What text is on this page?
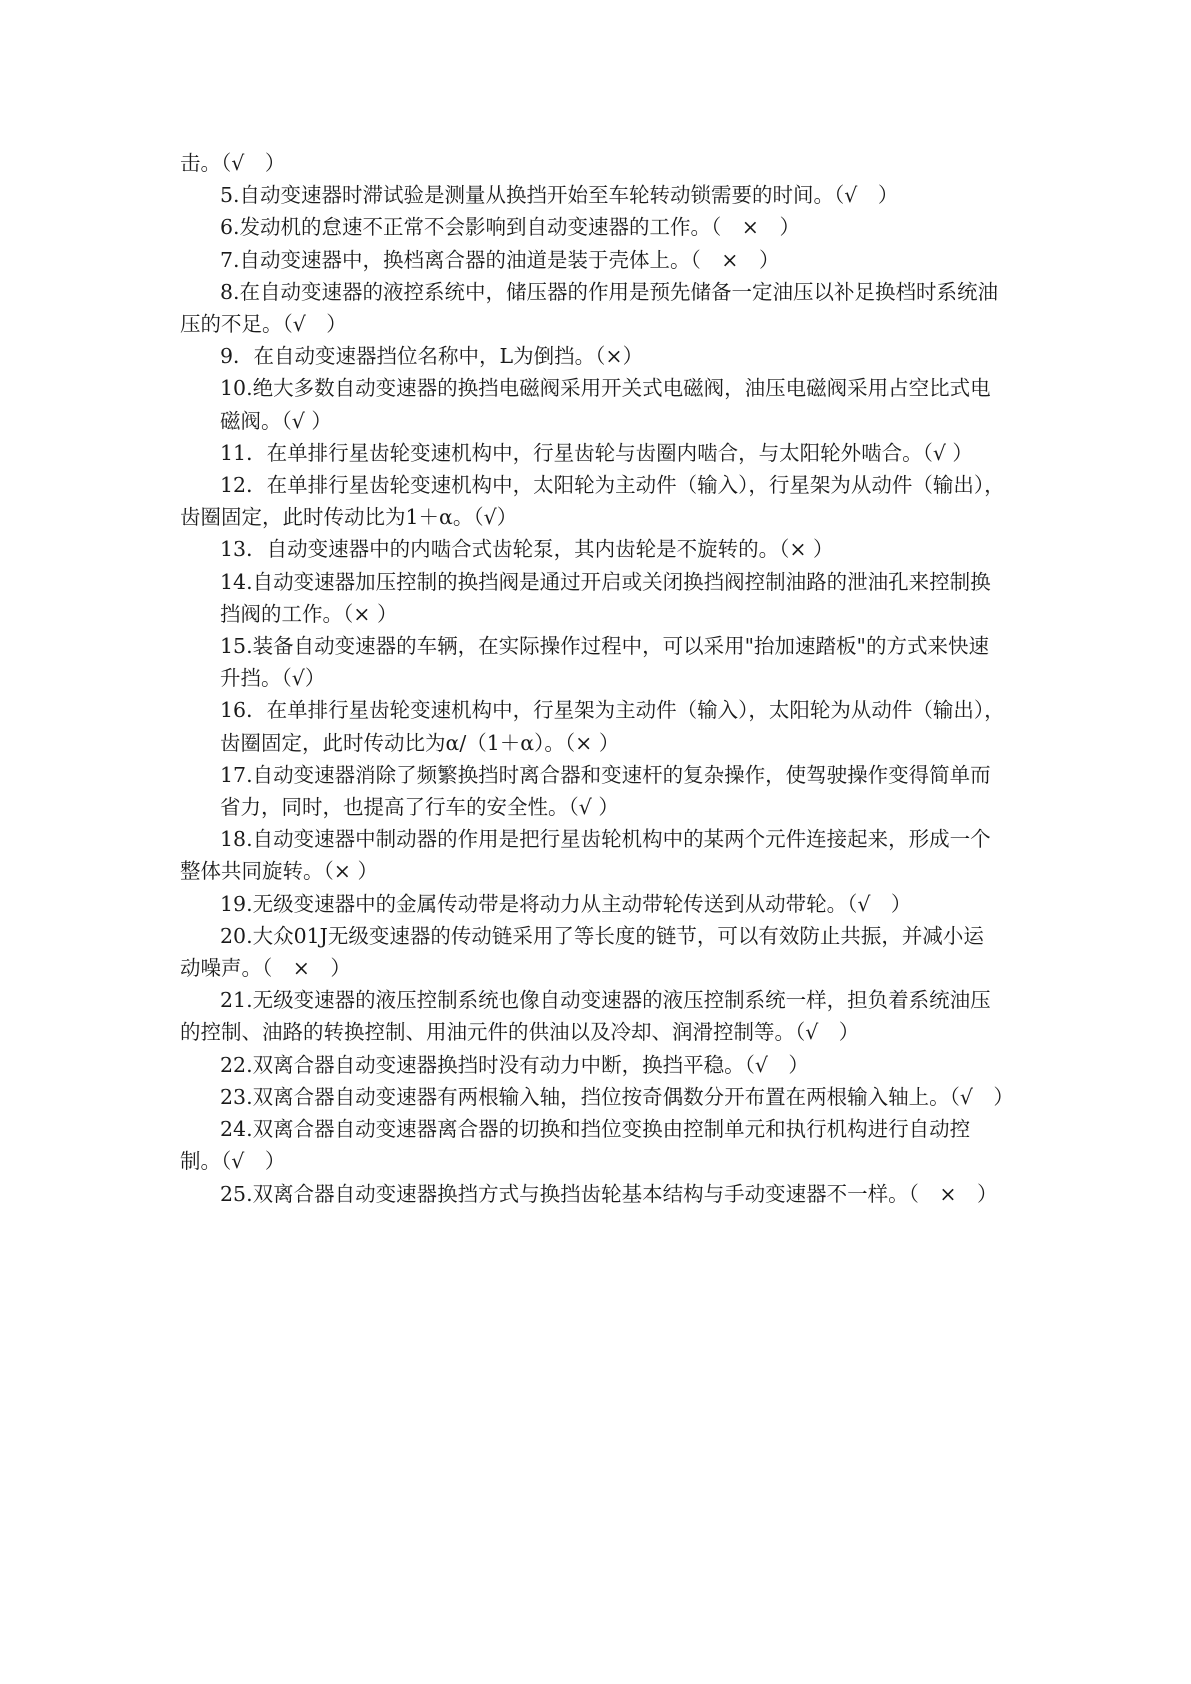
击。（√　）

5.自动变速器时滞试验是测量从换挡开始至车轮转动锁需要的时间。（√　）

6.发动机的怠速不正常不会影响到自动变速器的工作。（　×　）

7.自动变速器中，换档离合器的油道是装于壳体上。（　×　）

8.在自动变速器的液控系统中，储压器的作用是预先储备一定油压以补足换档时系统油
压的不足。（√　）

9．在自动变速器挡位名称中，L为倒挡。（×）

10.绝大多数自动变速器的换挡电磁阀采用开关式电磁阀，油压电磁阀采用占空比式电
磁阀。（√ ）

11．在单排行星齿轮变速机构中，行星齿轮与齿圈内啮合，与太阳轮外啮合。（√ ）

12．在单排行星齿轮变速机构中，太阳轮为主动件（输入），行星架为从动件（输出），
齿圈固定，此时传动比为1＋α。（√）

13．自动变速器中的内啮合式齿轮泵，其内齿轮是不旋转的。（× ）

14.自动变速器加压控制的换挡阀是通过开启或关闭换挡阀控制油路的泄油孔来控制换
挡阀的工作。（× ）

15.装备自动变速器的车辆，在实际操作过程中，可以采用"抬加速踏板"的方式来快速
升挡。（√）

16．在单排行星齿轮变速机构中，行星架为主动件（输入），太阳轮为从动件（输出），
齿圈固定，此时传动比为α/（1＋α）。（× ）

17.自动变速器消除了频繁换挡时离合器和变速杆的复杂操作，使驾驶操作变得简单而
省力，同时，也提高了行车的安全性。（√ ）

18.自动变速器中制动器的作用是把行星齿轮机构中的某两个元件连接起来，形成一个
整体共同旋转。（× ）

19.无级变速器中的金属传动带是将动力从主动带轮传送到从动带轮。（√　）

20.大众01J无级变速器的传动链采用了等长度的链节，可以有效防止共振，并减小运
动噪声。（　×　）

21.无级变速器的液压控制系统也像自动变速器的液压控制系统一样，担负着系统油压
的控制、油路的转换控制、用油元件的供油以及冷却、润滑控制等。（√　）

22.双离合器自动变速器换挡时没有动力中断，换挡平稳。（√　）

23.双离合器自动变速器有两根输入轴，挡位按奇偶数分开布置在两根输入轴上。（√　）

24.双离合器自动变速器离合器的切换和挡位变换由控制单元和执行机构进行自动控
制。（√　）

25.双离合器自动变速器换挡方式与换挡齿轮基本结构与手动变速器不一样。（　×　）
